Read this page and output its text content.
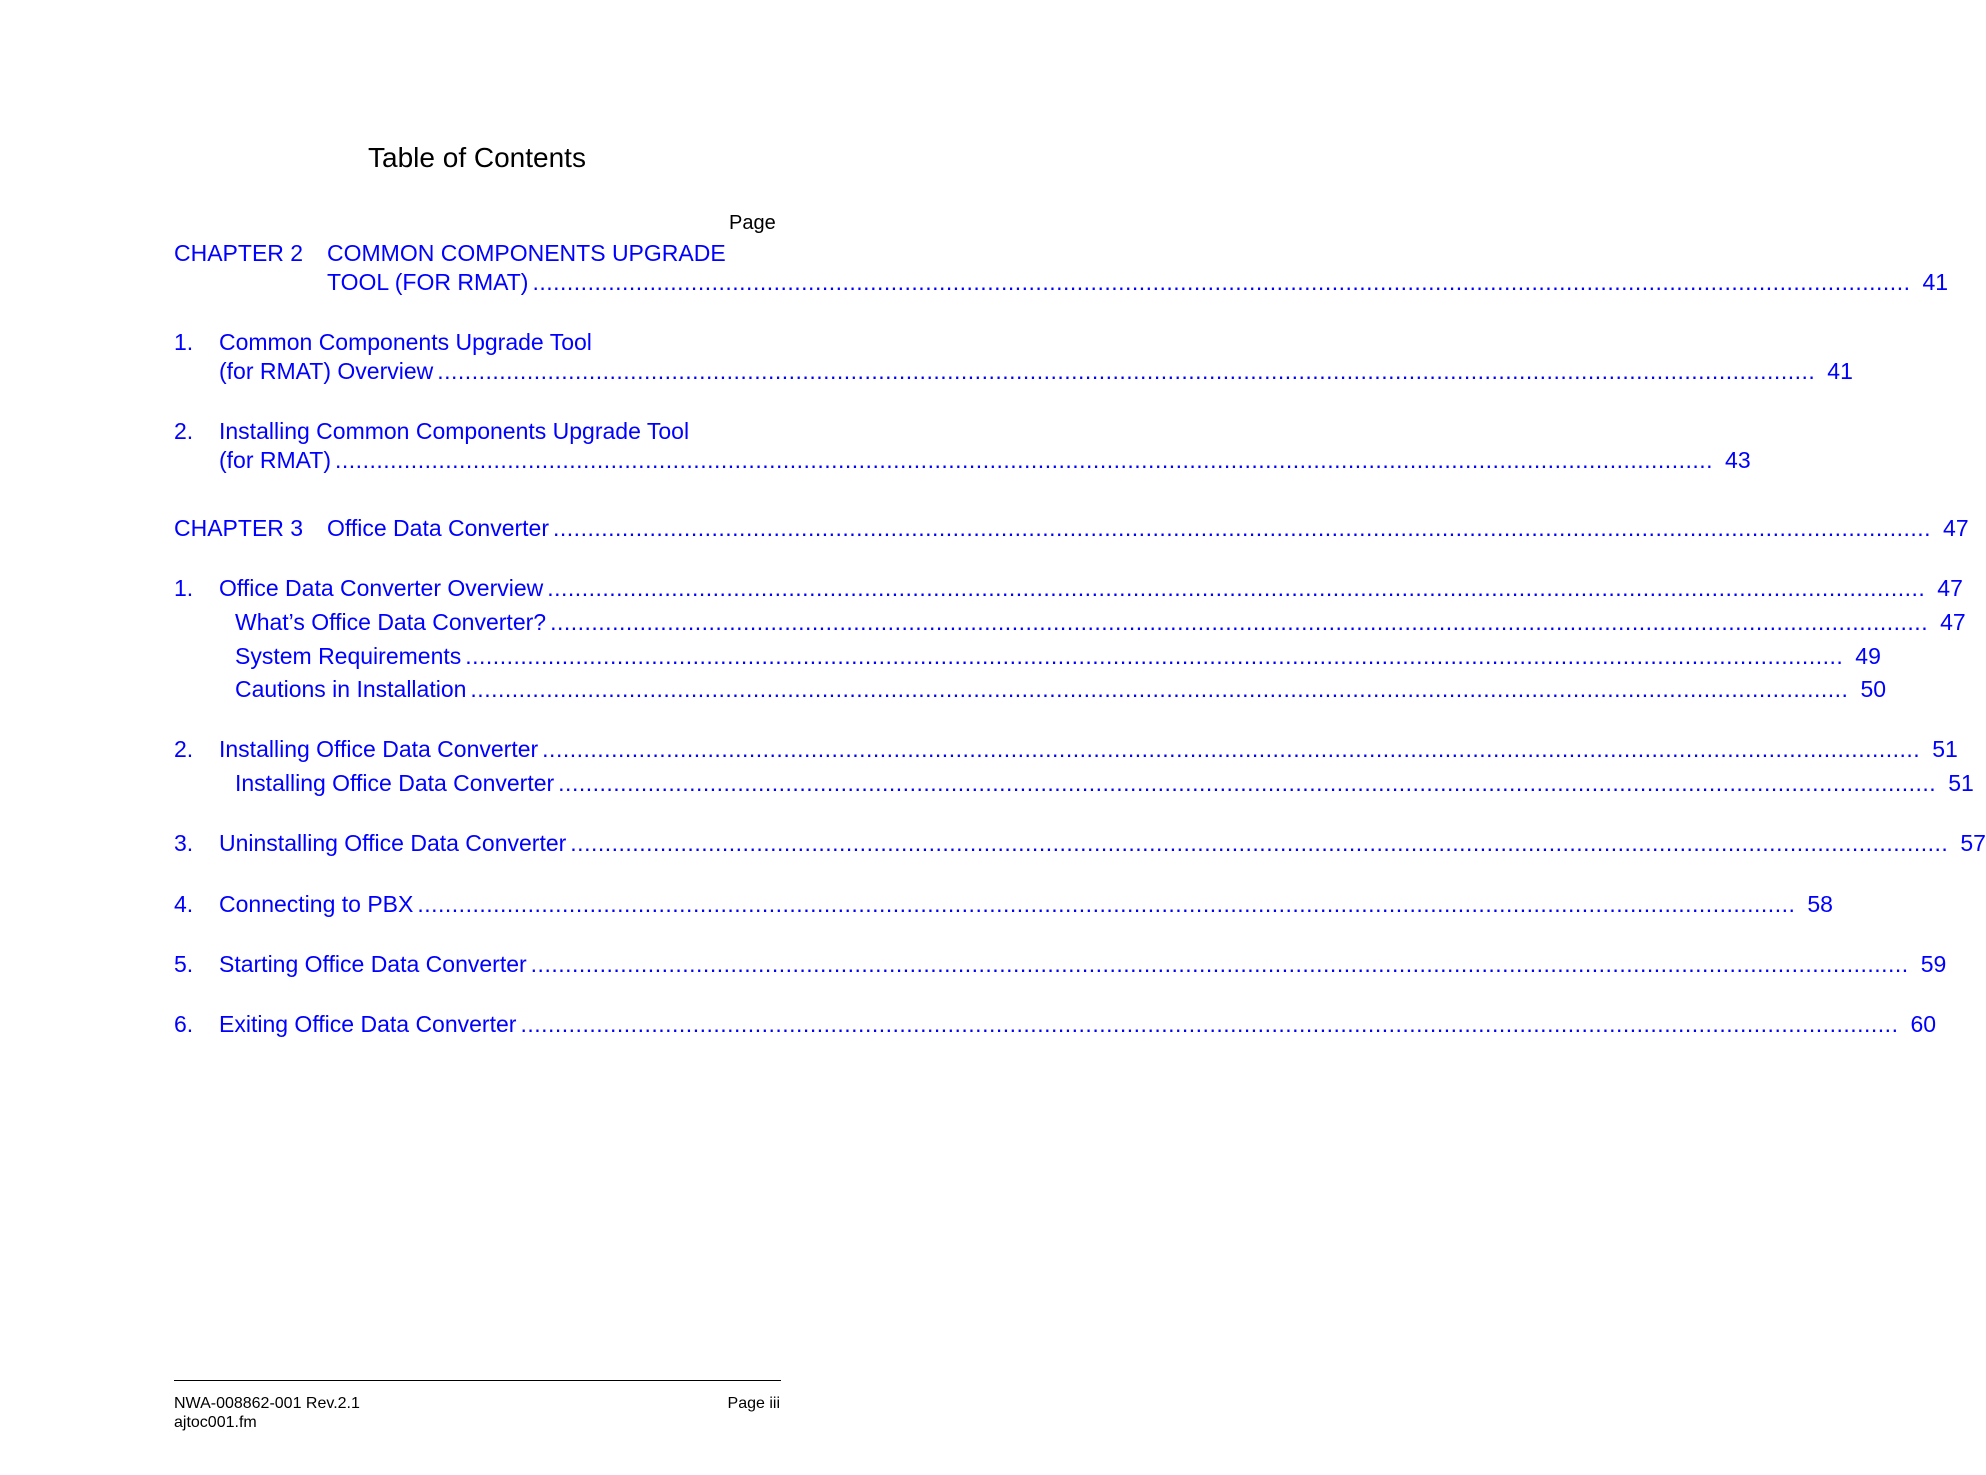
Table of Contents
Page
CHAPTER 2 COMMON COMPONENTS UPGRADE
TOOL (FOR RMAT) ........................................................................................................................................................................................................ 41
1. Common Components Upgrade Tool
(for RMAT) Overview ........................................................................................................................................................................................................ 41
2. Installing Common Components Upgrade Tool
(for RMAT) ........................................................................................................................................................................................................ 43
CHAPTER 3 Office Data Converter ........................................................................................................................................................................................................ 47
1. Office Data Converter Overview ........................................................................................................................................................................................................ 47
What’s Office Data Converter? ........................................................................................................................................................................................................ 47
System Requirements ........................................................................................................................................................................................................ 49
Cautions in Installation ........................................................................................................................................................................................................ 50
2. Installing Office Data Converter ........................................................................................................................................................................................................ 51
Installing Office Data Converter ........................................................................................................................................................................................................ 51
3. Uninstalling Office Data Converter ........................................................................................................................................................................................................ 57
4. Connecting to PBX ........................................................................................................................................................................................................ 58
5. Starting Office Data Converter ........................................................................................................................................................................................................ 59
6. Exiting Office Data Converter ........................................................................................................................................................................................................ 60
NWA-008862-001 Rev.2.1
ajtoc001.fm
Page iii
